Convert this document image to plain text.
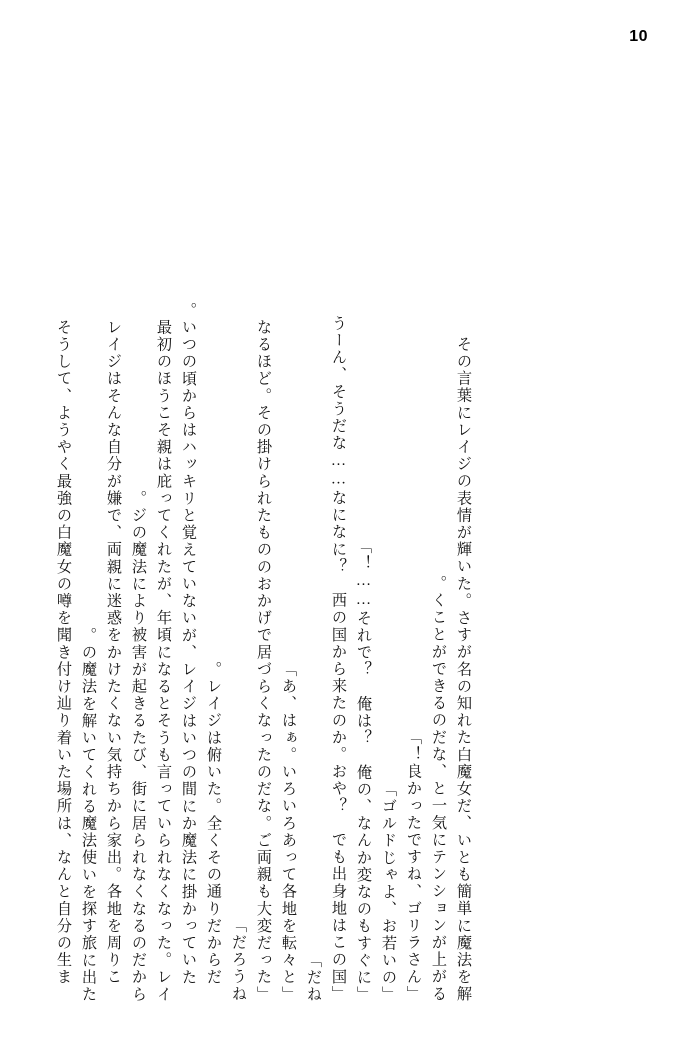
10
その言葉にレイジの表情が輝いた。さすが名の知れた白魔女だ、いとも簡単に魔法を解
くことができるのだな、と一気にテンションが上がる。
「良かったですね、ゴリラさん！」
「ゴルドじゃよ、お若いの」
「それで？　俺は？　俺の、なんか変なのもすぐに……！」
「うーん、そうだな……なになに？　西の国から来たのか。おや？　でも出身地はこの国
だね」
「あ、はぁ。いろいろあって各地を転々と」
「なるほど。その掛けられたもののおかげで居づらくなったのだな。ご両親も大変だった
だろうね」
　レイジは俯いた。全くその通りだからだ。
　いつの頃からはハッキリと覚えていないが、レイジはいつの間にか魔法に掛かっていた。
最初のほうこそ親は庇ってくれたが、年頃になるとそうも言っていられなくなった。レイ
ジの魔法により被害が起きるたび、街に居られなくなるのだから。
　レイジはそんな自分が嫌で、両親に迷惑をかけたくない気持ちから家出。各地を周りこ
の魔法を解いてくれる魔法使いを探す旅に出た。
　そうして、ようやく最強の白魔女の噂を聞き付け辿り着いた場所は、なんと自分の生ま
